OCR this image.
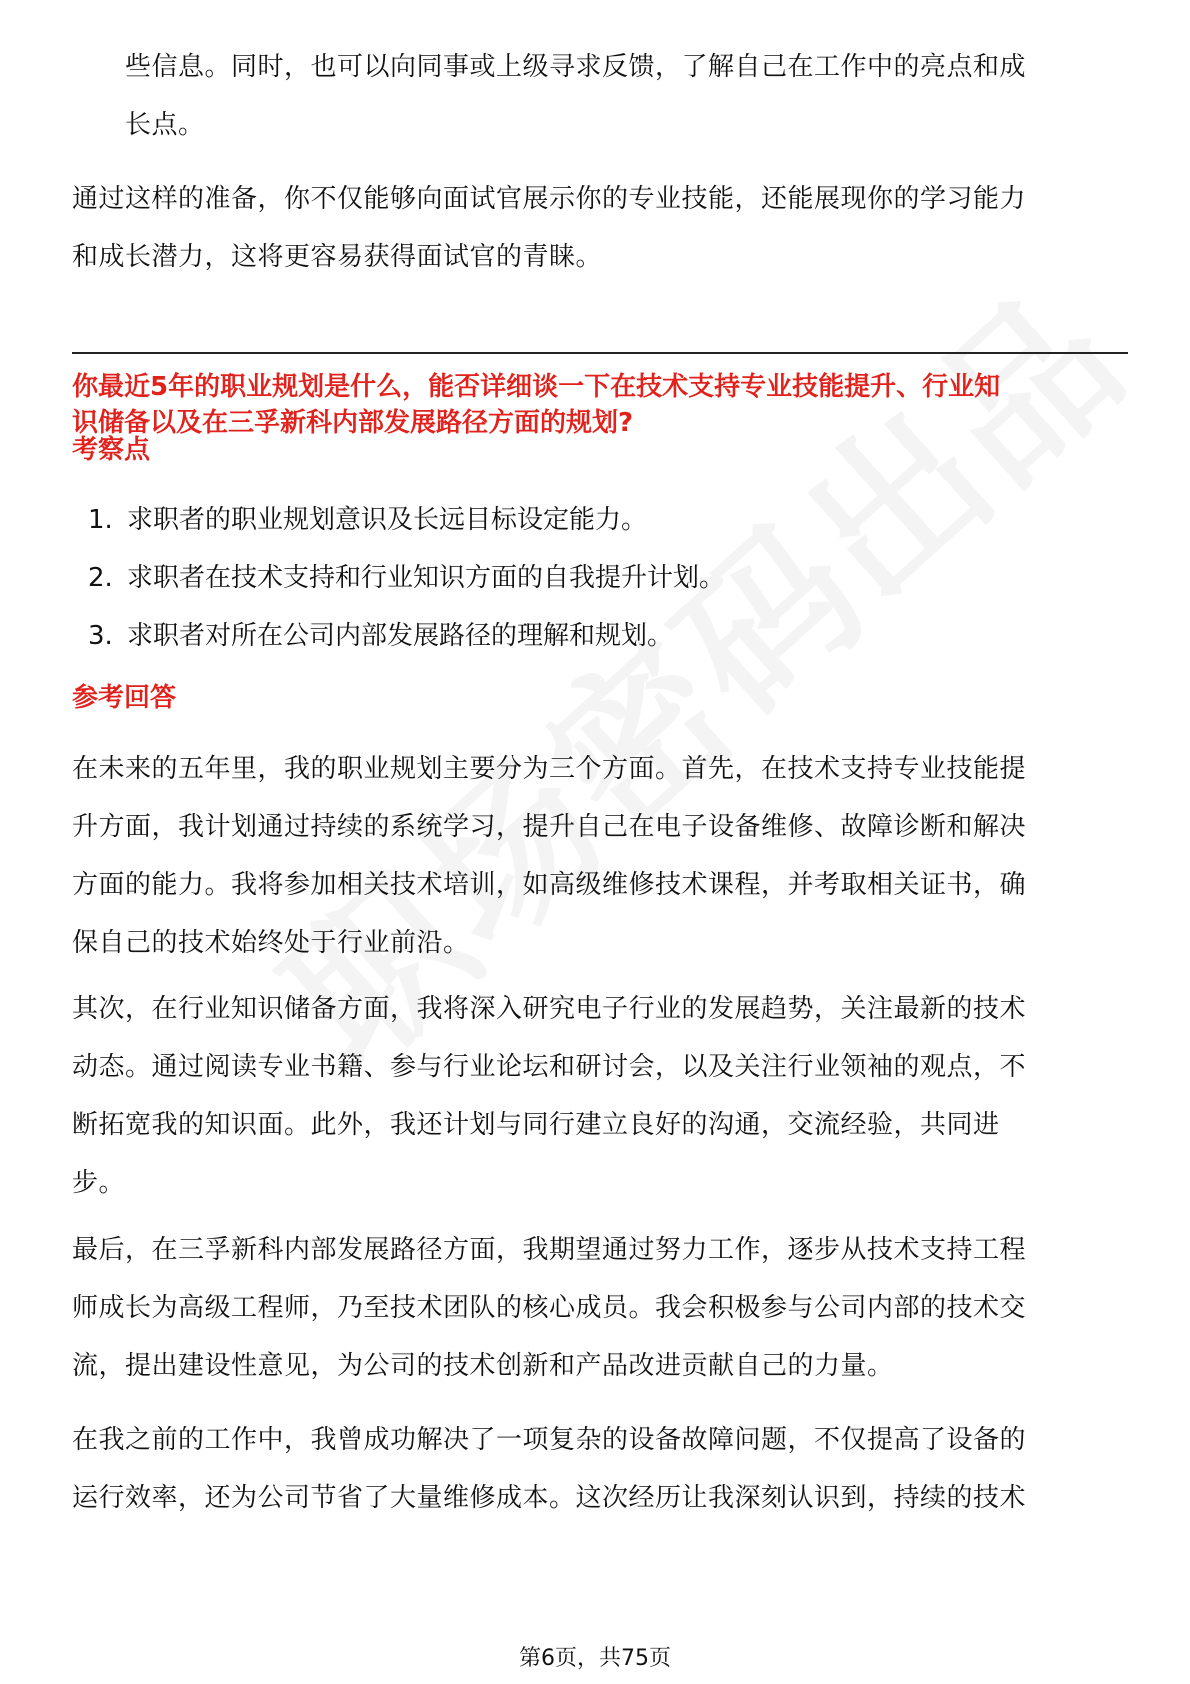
些信息。同时，也可以向同事或上级寻求反馈，了解自己在工作中的亮点和成
长点。
通过这样的准备，你不仅能够向面试官展示你的专业技能，还能展现你的学习能力
和成长潜力，这将更容易获得面试官的青睐。
你最近5年的职业规划是什么，能否详细谈一下在技术支持专业技能提升、行业知
识储备以及在三孚新科内部发展路径方面的规划?
考察点
1. 求职者的职业规划意识及长远目标设定能力。
2. 求职者在技术支持和行业知识方面的自我提升计划。
3. 求职者对所在公司内部发展路径的理解和规划。
参考回答
在未来的五年里，我的职业规划主要分为三个方面。首先，在技术支持专业技能提
升方面，我计划通过持续的系统学习，提升自己在电子设备维修、故障诊断和解决
方面的能力。我将参加相关技术培训，如高级维修技术课程，并考取相关证书，确
保自己的技术始终处于行业前沿。
其次，在行业知识储备方面，我将深入研究电子行业的发展趋势，关注最新的技术
动态。通过阅读专业书籍、参与行业论坛和研讨会，以及关注行业领袖的观点，不
断拓宽我的知识面。此外，我还计划与同行建立良好的沟通，交流经验，共同进
步。
最后，在三孚新科内部发展路径方面，我期望通过努力工作，逐步从技术支持工程
师成长为高级工程师，乃至技术团队的核心成员。我会积极参与公司内部的技术交
流，提出建设性意见，为公司的技术创新和产品改进贡献自己的力量。
在我之前的工作中，我曾成功解决了一项复杂的设备故障问题，不仅提高了设备的
运行效率，还为公司节省了大量维修成本。这次经历让我深刻认识到，持续的技术
第6页，共75页
